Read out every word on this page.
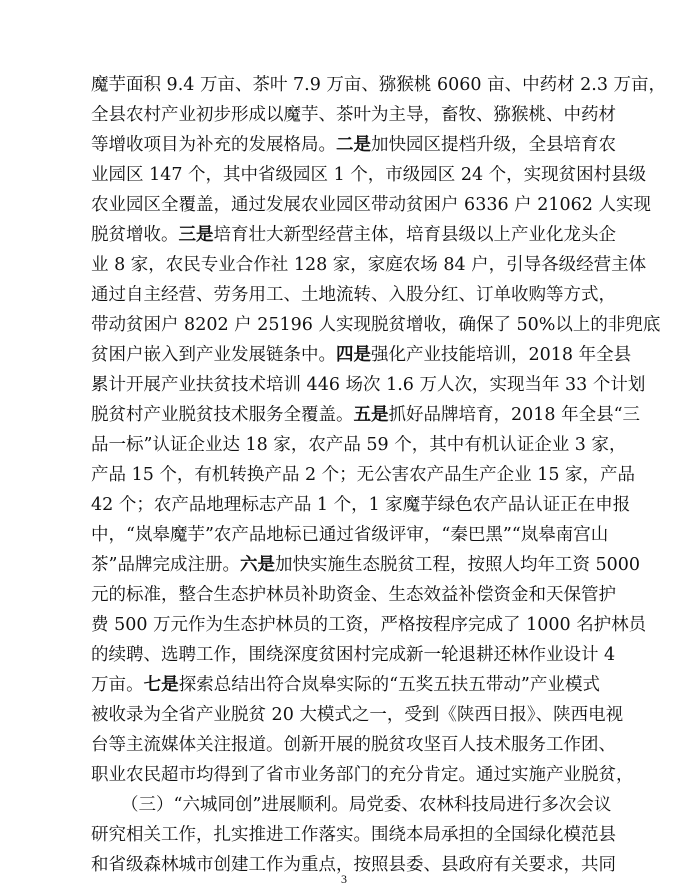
魔芋面积 9.4 万亩、茶叶 7.9 万亩、猕猴桃 6060 亩、中药材 2.3 万亩，
全县农村产业初步形成以魔芋、茶叶为主导，畜牧、猕猴桃、中药材
等增收项目为补充的发展格局。二是加快园区提档升级，全县培育农
业园区 147 个，其中省级园区 1 个，市级园区 24 个，实现贫困村县级
农业园区全覆盖，通过发展农业园区带动贫困户 6336 户 21062 人实现
脱贫增收。三是培育壮大新型经营主体，培育县级以上产业化龙头企
业 8 家，农民专业合作社 128 家，家庭农场 84 户，引导各级经营主体
通过自主经营、劳务用工、土地流转、入股分红、订单收购等方式，
带动贫困户 8202 户 25196 人实现脱贫增收，确保了 50%以上的非兜底
贫困户嵌入到产业发展链条中。四是强化产业技能培训，2018 年全县
累计开展产业扶贫技术培训 446 场次 1.6 万人次，实现当年 33 个计划
脱贫村产业脱贫技术服务全覆盖。五是抓好品牌培育，2018 年全县“三
品一标”认证企业达 18 家，农产品 59 个，其中有机认证企业 3 家，
产品 15 个，有机转换产品 2 个；无公害农产品生产企业 15 家，产品
42 个；农产品地理标志产品 1 个，1 家魔芋绿色农产品认证正在申报
中，“岚皋魔芋”农产品地标已通过省级评审，“秦巴黑”“岚皋南宫山
茶”品牌完成注册。六是加快实施生态脱贫工程，按照人均年工资 5000
元的标准，整合生态护林员补助资金、生态效益补偿资金和天保管护
费 500 万元作为生态护林员的工资，严格按程序完成了 1000 名护林员
的续聘、选聘工作，围绕深度贫困村完成新一轮退耕还林作业设计 4
万亩。七是探索总结出符合岚皋实际的“五奖五扶五带动”产业模式
被收录为全省产业脱贫 20 大模式之一，受到《陕西日报》、陕西电视
台等主流媒体关注报道。创新开展的脱贫攻坚百人技术服务工作团、
职业农民超市均得到了省市业务部门的充分肯定。通过实施产业脱贫，
（三）“六城同创”进展顺利。局党委、农林科技局进行多次会议
研究相关工作，扎实推进工作落实。围绕本局承担的全国绿化模范县
和省级森林城市创建工作为重点，按照县委、县政府有关要求，共同
3
